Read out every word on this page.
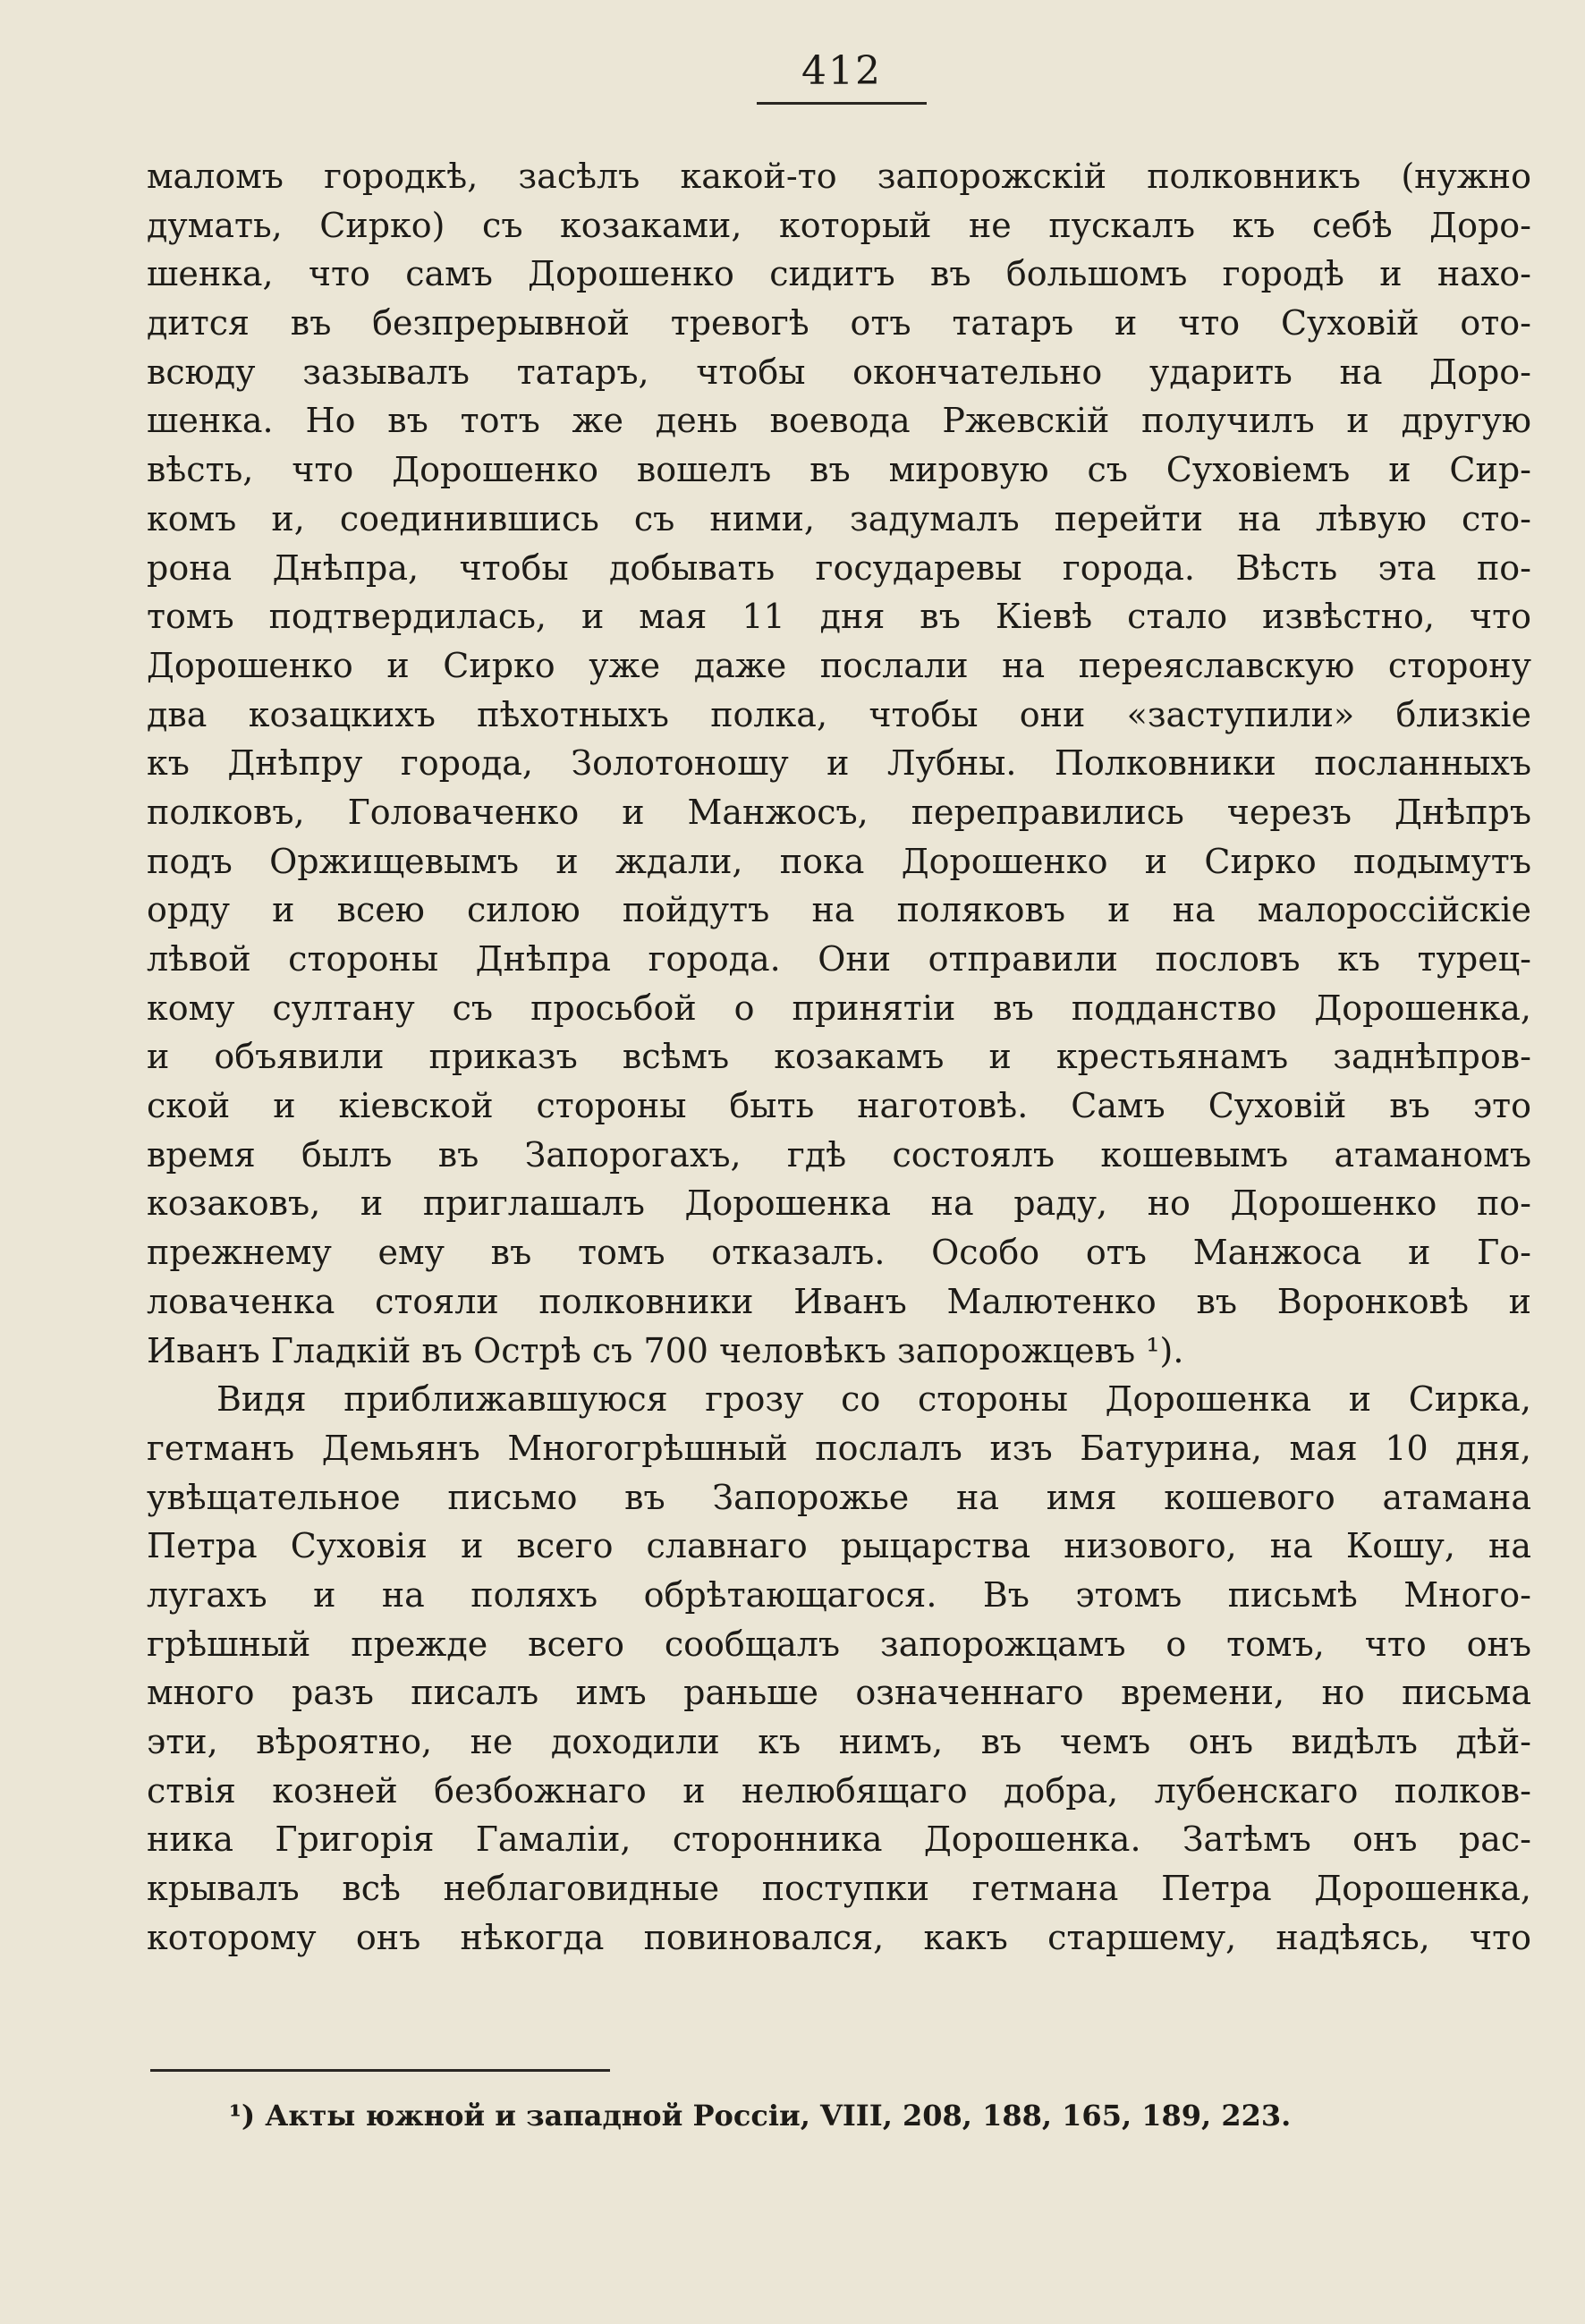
412
маломъ городкѣ, засѣлъ какой-то запорожскій полковникъ (нужно
думать, Сирко) съ козаками, который не пускалъ къ себѣ Доро-
шенка, что самъ Дорошенко сидитъ въ большомъ городѣ и нахо-
дится въ безпрерывной тревогѣ отъ татаръ и что Суховій ото-
всюду зазывалъ татаръ, чтобы окончательно ударить на Доро-
шенка. Но въ тотъ же день воевода Ржевскій получилъ и другую
вѣсть, что Дорошенко вошелъ въ мировую съ Суховіемъ и Сир-
комъ и, соединившись съ ними, задумалъ перейти на лѣвую сто-
рона Днѣпра, чтобы добывать государевы города. Вѣсть эта по-
томъ подтвердилась, и мая 11 дня въ Кіевѣ стало извѣстно, что
Дорошенко и Сирко уже даже послали на переяславскую сторону
два козацкихъ пѣхотныхъ полка, чтобы они «заступили» близкіе
къ Днѣпру города, Золотоношу и Лубны. Полковники посланныхъ
полковъ, Головаченко и Манжосъ, переправились черезъ Днѣпръ
подъ Оржищевымъ и ждали, пока Дорошенко и Сирко подымутъ
орду и всею силою пойдутъ на поляковъ и на малороссійскіе
лѣвой стороны Днѣпра города. Они отправили пословъ къ турец-
кому султану съ просьбой о принятіи въ подданство Дорошенка,
и объявили приказъ всѣмъ козакамъ и крестьянамъ заднѣпров-
ской и кіевской стороны быть наготовѣ. Самъ Суховій въ это
время былъ въ Запорогахъ, гдѣ состоялъ кошевымъ атаманомъ
козаковъ, и приглашалъ Дорошенка на раду, но Дорошенко по-
прежнему ему въ томъ отказалъ. Особо отъ Манжоса и Го-
ловаченка стояли полковники Иванъ Малютенко въ Воронковѣ и
Иванъ Гладкій въ Острѣ съ 700 человѣкъ запорожцевъ ¹).
Видя приближавшуюся грозу со стороны Дорошенка и Сирка,
гетманъ Демьянъ Многогрѣшный послалъ изъ Батурина, мая 10 дня,
увѣщательное письмо въ Запорожье на имя кошевого атамана
Петра Суховія и всего славнаго рыцарства низового, на Кошу, на
лугахъ и на поляхъ обрѣтающагося. Въ этомъ письмѣ Много-
грѣшный прежде всего сообщалъ запорожцамъ о томъ, что онъ
много разъ писалъ имъ раньше означеннаго времени, но письма
эти, вѣроятно, не доходили къ нимъ, въ чемъ онъ видѣлъ дѣй-
ствія козней безбожнаго и нелюбящаго добра, лубенскаго полков-
ника Григорія Гамаліи, сторонника Дорошенка. Затѣмъ онъ рас-
крывалъ всѣ неблаговидные поступки гетмана Петра Дорошенка,
которому онъ нѣкогда повиновался, какъ старшему, надѣясь, что
¹) Акты южной и западной Россіи, VIII, 208, 188, 165, 189, 223.
